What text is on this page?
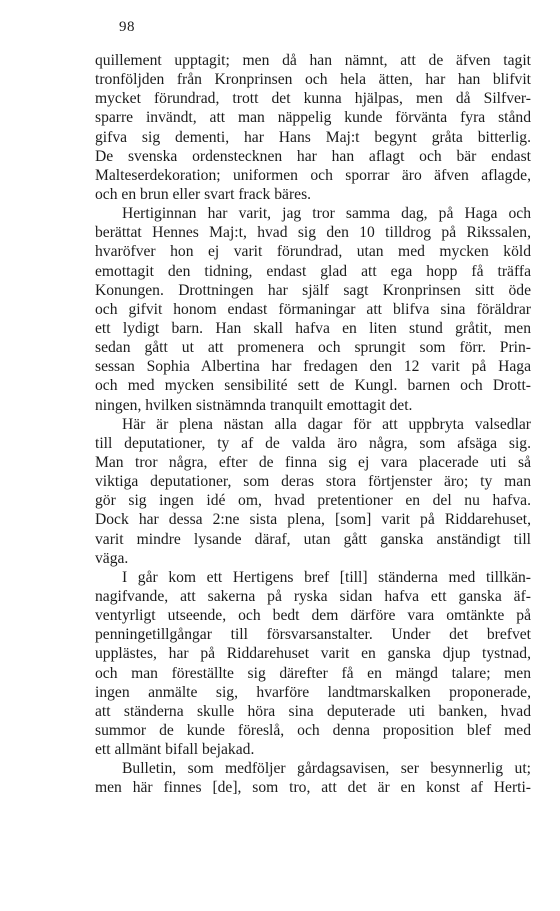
98
quillement upptagit; men då han nämnt, att de äfven tagit
tronföljden från Kronprinsen och hela ätten, har han blifvit
mycket förundrad, trott det kunna hjälpas, men då Silfver-
sparre invändt, att man näppelig kunde förvänta fyra stånd
gifva sig dementi, har Hans Maj:t begynt gråta bitterlig.
De svenska ordenstecknen har han aflagt och bär endast
Malteserdekoration; uniformen och sporrar äro äfven aflagde,
och en brun eller svart frack bäres.
Hertiginnan har varit, jag tror samma dag, på Haga och
berättat Hennes Maj:t, hvad sig den 10 tilldrog på Rikssalen,
hvaröfver hon ej varit förundrad, utan med mycken köld
emottagit den tidning, endast glad att ega hopp få träffa
Konungen. Drottningen har själf sagt Kronprinsen sitt öde
och gifvit honom endast förmaningar att blifva sina föräldrar
ett lydigt barn. Han skall hafva en liten stund gråtit, men
sedan gått ut att promenera och sprungit som förr. Prin-
sessan Sophia Albertina har fredagen den 12 varit på Haga
och med mycken sensibilité sett de Kungl. barnen och Drott-
ningen, hvilken sistnämnda tranquilt emottagit det.
Här är plena nästan alla dagar för att uppbryta valsedlar
till deputationer, ty af de valda äro några, som afsäga sig.
Man tror några, efter de finna sig ej vara placerade uti så
viktiga deputationer, som deras stora förtjenster äro; ty man
gör sig ingen idé om, hvad pretentioner en del nu hafva.
Dock har dessa 2:ne sista plena, [som] varit på Riddarehuset,
varit mindre lysande däraf, utan gått ganska anständigt till
väga.
I går kom ett Hertigens bref [till] ständerna med tillkän-
nagifvande, att sakerna på ryska sidan hafva ett ganska äf-
ventyrligt utseende, och bedt dem därföre vara omtänkte på
penningetillgångar till försvarsanstalter. Under det brefvet
upplästes, har på Riddarehuset varit en ganska djup tystnad,
och man föreställte sig därefter få en mängd talare; men
ingen anmälte sig, hvarföre landtmarskalken proponerade,
att ständerna skulle höra sina deputerade uti banken, hvad
summor de kunde föreslå, och denna proposition blef med
ett allmänt bifall bejakad.
Bulletin, som medföljer gårdagsavisen, ser besynnerlig ut;
men här finnes [de], som tro, att det är en konst af Herti-
